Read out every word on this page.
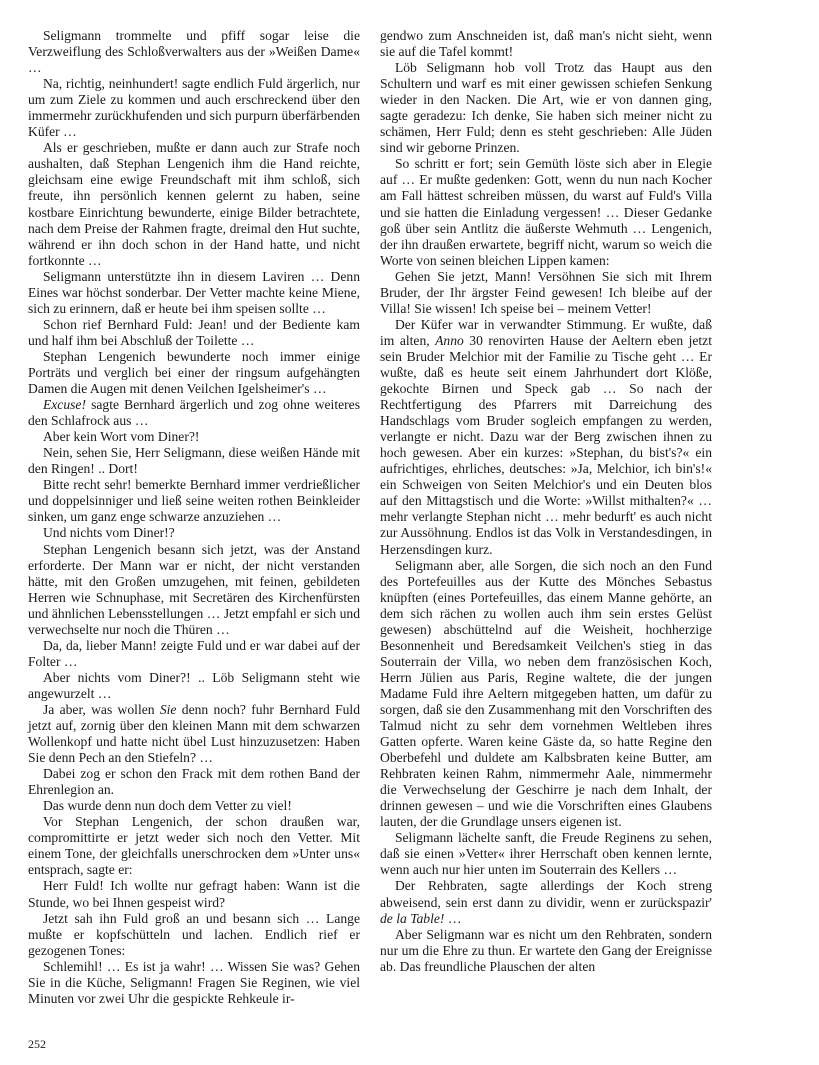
Seligmann trommelte und pfiff sogar leise die Verzweiflung des Schloßverwalters aus der »Weißen Dame« …

Na, richtig, neinhundert! sagte endlich Fuld ärgerlich, nur um zum Ziele zu kommen und auch erschreckend über den immermehr zurückhufenden und sich purpurn überfärbenden Küfer …

Als er geschrieben, mußte er dann auch zur Strafe noch aushalten, daß Stephan Lengenich ihm die Hand reichte, gleichsam eine ewige Freundschaft mit ihm schloß, sich freute, ihn persönlich kennen gelernt zu haben, seine kostbare Einrichtung bewunderte, einige Bilder betrachtete, nach dem Preise der Rahmen fragte, dreimal den Hut suchte, während er ihn doch schon in der Hand hatte, und nicht fortkonnte …

Seligmann unterstützte ihn in diesem Laviren … Denn Eines war höchst sonderbar. Der Vetter machte keine Miene, sich zu erinnern, daß er heute bei ihm speisen sollte …

Schon rief Bernhard Fuld: Jean! und der Bediente kam und half ihm bei Abschluß der Toilette …

Stephan Lengenich bewunderte noch immer einige Porträts und verglich bei einer der ringsum aufgehängten Damen die Augen mit denen Veilchen Igelsheimer's …

Excuse! sagte Bernhard ärgerlich und zog ohne weiteres den Schlafrock aus …

Aber kein Wort vom Diner?!

Nein, sehen Sie, Herr Seligmann, diese weißen Hände mit den Ringen! .. Dort!

Bitte recht sehr! bemerkte Bernhard immer verdrießlicher und doppelsinniger und ließ seine weiten rothen Beinkleider sinken, um ganz enge schwarze anzuziehen …

Und nichts vom Diner!?

Stephan Lengenich besann sich jetzt, was der Anstand erforderte. Der Mann war er nicht, der nicht verstanden hätte, mit den Großen umzugehen, mit feinen, gebildeten Herren wie Schnuphase, mit Secretären des Kirchenfürsten und ähnlichen Lebensstellungen … Jetzt empfahl er sich und verwechselte nur noch die Thüren …

Da, da, lieber Mann! zeigte Fuld und er war dabei auf der Folter …

Aber nichts vom Diner?! .. Löb Seligmann steht wie angewurzelt …

Ja aber, was wollen Sie denn noch? fuhr Bernhard Fuld jetzt auf, zornig über den kleinen Mann mit dem schwarzen Wollenkopf und hatte nicht übel Lust hinzuzusetzen: Haben Sie denn Pech an den Stiefeln? …

Dabei zog er schon den Frack mit dem rothen Band der Ehrenlegion an.

Das wurde denn nun doch dem Vetter zu viel!

Vor Stephan Lengenich, der schon draußen war, compromittirte er jetzt weder sich noch den Vetter. Mit einem Tone, der gleichfalls unerschrocken dem »Unter uns« entsprach, sagte er:

Herr Fuld! Ich wollte nur gefragt haben: Wann ist die Stunde, wo bei Ihnen gespeist wird?

Jetzt sah ihn Fuld groß an und besann sich … Lange mußte er kopfschütteln und lachen. Endlich rief er gezogenen Tones:

Schlemihl! … Es ist ja wahr! … Wissen Sie was? Gehen Sie in die Küche, Seligmann! Fragen Sie Reginen, wie viel Minuten vor zwei Uhr die gespickte Rehkeule ir-

gendwo zum Anschneiden ist, daß man's nicht sieht, wenn sie auf die Tafel kommt!

Löb Seligmann hob voll Trotz das Haupt aus den Schultern und warf es mit einer gewissen schiefen Senkung wieder in den Nacken. Die Art, wie er von dannen ging, sagte geradezu: Ich denke, Sie haben sich meiner nicht zu schämen, Herr Fuld; denn es steht geschrieben: Alle Jüden sind wir geborne Prinzen.

So schritt er fort; sein Gemüth löste sich aber in Elegie auf … Er mußte gedenken: Gott, wenn du nun nach Kocher am Fall hättest schreiben müssen, du warst auf Fuld's Villa und sie hatten die Einladung vergessen! … Dieser Gedanke goß über sein Antlitz die äußerste Wehmuth … Lengenich, der ihn draußen erwartete, begriff nicht, warum so weich die Worte von seinen bleichen Lippen kamen:

Gehen Sie jetzt, Mann! Versöhnen Sie sich mit Ihrem Bruder, der Ihr ärgster Feind gewesen! Ich bleibe auf der Villa! Sie wissen! Ich speise bei – meinem Vetter!

Der Küfer war in verwandter Stimmung. Er wußte, daß im alten, Anno 30 renovirten Hause der Aeltern eben jetzt sein Bruder Melchior mit der Familie zu Tische geht … Er wußte, daß es heute seit einem Jahrhundert dort Klöße, gekochte Birnen und Speck gab … So nach der Rechtfertigung des Pfarrers mit Darreichung des Handschlags vom Bruder sogleich empfangen zu werden, verlangte er nicht. Dazu war der Berg zwischen ihnen zu hoch gewesen. Aber ein kurzes: »Stephan, du bist's?« ein aufrichtiges, ehrliches, deutsches: »Ja, Melchior, ich bin's!« ein Schweigen von Seiten Melchior's und ein Deuten blos auf den Mittagstisch und die Worte: »Willst mithalten?« … mehr verlangte Stephan nicht … mehr bedurft' es auch nicht zur Aussöhnung. Endlos ist das Volk in Verstandesdingen, in Herzensdingen kurz.

Seligmann aber, alle Sorgen, die sich noch an den Fund des Portefeuilles aus der Kutte des Mönches Sebastus knüpften (eines Portefeuilles, das einem Manne gehörte, an dem sich rächen zu wollen auch ihm sein erstes Gelüst gewesen) abschüttelnd auf die Weisheit, hochherzige Besonnenheit und Beredsamkeit Veilchen's stieg in das Souterrain der Villa, wo neben dem französischen Koch, Herrn Jülien aus Paris, Regine waltete, die der jungen Madame Fuld ihre Aeltern mitgegeben hatten, um dafür zu sorgen, daß sie den Zusammenhang mit den Vorschriften des Talmud nicht zu sehr dem vornehmen Weltleben ihres Gatten opferte. Waren keine Gäste da, so hatte Regine den Oberbefehl und duldete am Kalbsbraten keine Butter, am Rehbraten keinen Rahm, nimmermehr Aale, nimmermehr die Verwechselung der Geschirre je nach dem Inhalt, der drinnen gewesen – und wie die Vorschriften eines Glaubens lauten, der die Grundlage unsers eigenen ist.

Seligmann lächelte sanft, die Freude Reginens zu sehen, daß sie einen »Vetter« ihrer Herrschaft oben kennen lernte, wenn auch nur hier unten im Souterrain des Kellers …

Der Rehbraten, sagte allerdings der Koch streng abweisend, sein erst dann zu dividir, wenn er zurückspazir' de la Table! …

Aber Seligmann war es nicht um den Rehbraten, sondern nur um die Ehre zu thun. Er wartete den Gang der Ereignisse ab. Das freundliche Plauschen der alten

252
